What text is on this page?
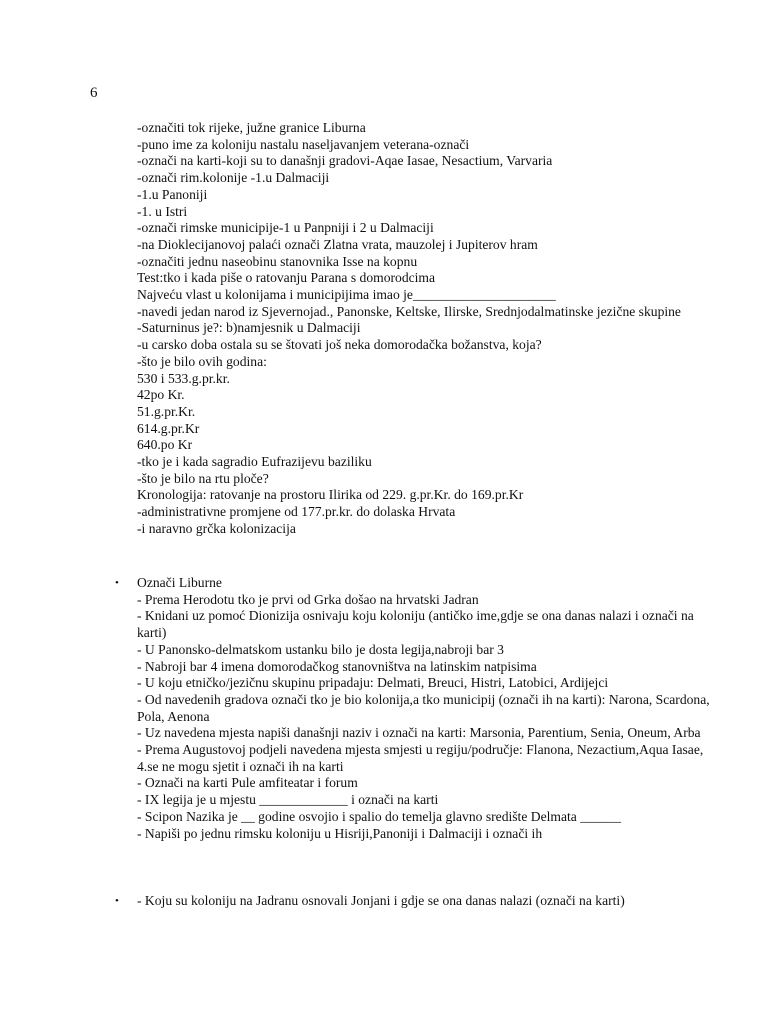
6
-označiti tok rijeke, južne granice Liburna
-puno ime za koloniju nastalu naseljavanjem veterana-označi
-označi na karti-koji su to današnji gradovi-Aqae Iasae, Nesactium, Varvaria
-označi rim.kolonije -1.u Dalmaciji
-1.u Panoniji
-1. u Istri
-označi rimske municipije-1 u Panpniji i 2 u Dalmaciji
-na Dioklecijanovoj palaći označi Zlatna vrata, mauzolej i Jupiterov hram
-označiti jednu naseobinu stanovnika Isse na kopnu
Test:tko i kada piše o ratovanju Parana s domorodcima
Najveću vlast u kolonijama i municipijima imao je_____________________
-navedi jedan narod iz Sjevernojad., Panonske, Keltske, Ilirske, Srednjodalmatinske jezične skupine
-Saturninus je?: b)namjesnik u Dalmaciji
-u carsko doba ostala su se štovati još neka domorodačka božanstva, koja?
-što je bilo ovih godina:
530 i 533.g.pr.kr.
42po Kr.
51.g.pr.Kr.
614.g.pr.Kr
640.po Kr
-tko je i kada sagradio Eufrazijevu baziliku
-što je bilo na rtu ploče?
Kronologija: ratovanje na prostoru Ilirika od 229. g.pr.Kr. do 169.pr.Kr
-administrativne promjene od 177.pr.kr. do dolaska Hrvata
-i naravno grčka kolonizacija
•	Označi Liburne
- Prema Herodotu tko je prvi od Grka došao na hrvatski Jadran
- Knidani uz pomoć Dionizija osnivaju koju koloniju (antičko ime,gdje se ona danas nalazi i označi na karti)
- U Panonsko-delmatskom ustanku bilo je dosta legija,nabroji bar 3
- Nabroji bar 4 imena domorodačkog stanovništva na latinskim natpisima
- U koju etničko/jezičnu skupinu pripadaju: Delmati, Breuci, Histri, Latobici, Ardijejci
- Od navedenih gradova označi tko je bio kolonija,a tko municipij (označi ih na karti): Narona, Scardona, Pola, Aenona
- Uz navedena mjesta napiši današnji naziv i označi na karti: Marsonia, Parentium, Senia, Oneum, Arba
- Prema Augustovoj podjeli navedena mjesta smjesti u regiju/područje: Flanona, Nezactium,Aqua Iasae, 4.se ne mogu sjetit i označi ih na karti
- Označi na karti Pule amfiteatar i forum
- IX legija je u mjestu _____________ i označi na karti
- Scipon Nazika je __ godine osvojio i spalio do temelja glavno središte Delmata ______
- Napiši po jednu rimsku koloniju u Hisriji,Panoniji i Dalmaciji i označi ih
•	- Koju su koloniju na Jadranu osnovali Jonjani i gdje se ona danas nalazi (označi na karti)
